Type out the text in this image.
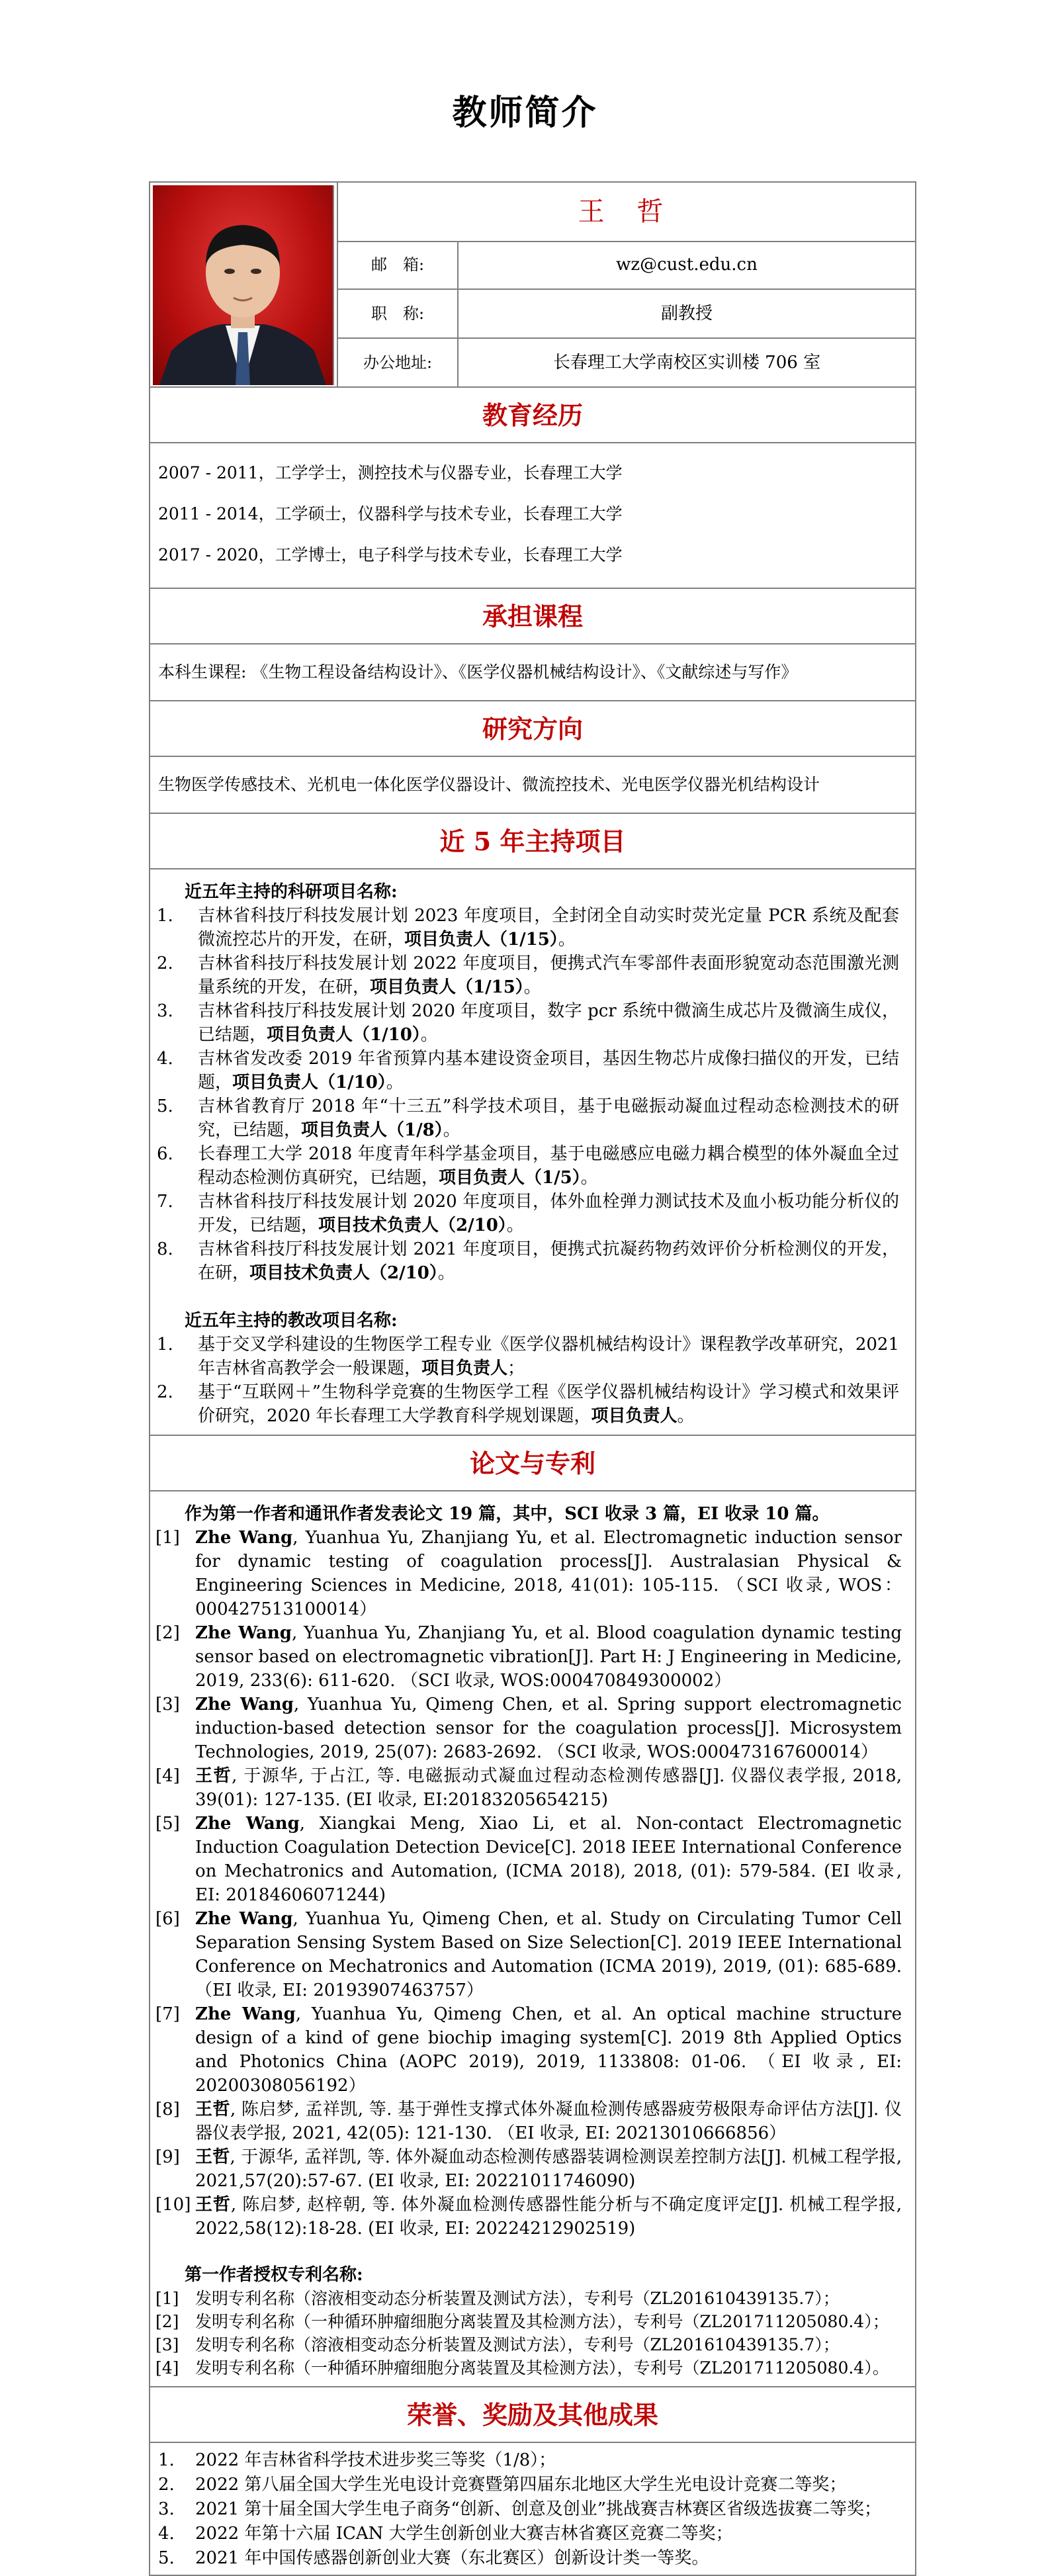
教师简介
王 哲
邮　箱:	wz@cust.edu.cn
职　称:	副教授
办公地址:	长春理工大学南校区实训楼 706 室
教育经历
2007 - 2011，工学学士，测控技术与仪器专业，长春理工大学
2011 - 2014，工学硕士，仪器科学与技术专业，长春理工大学
2017 - 2020，工学博士，电子科学与技术专业，长春理工大学
承担课程
本科生课程: 《生物工程设备结构设计》、《医学仪器机械结构设计》、《文献综述与写作》
研究方向
生物医学传感技术、光机电一体化医学仪器设计、微流控技术、光电医学仪器光机结构设计
近 5 年主持项目
近五年主持的科研项目名称:
1. 吉林省科技厅科技发展计划 2023 年度项目，全封闭全自动实时荧光定量 PCR 系统及配套微流控芯片的开发，在研，项目负责人（1/15）。
2. 吉林省科技厅科技发展计划 2022 年度项目，便携式汽车零部件表面形貌宽动态范围激光测量系统的开发，在研，项目负责人（1/15）。
3. 吉林省科技厅科技发展计划 2020 年度项目，数字 pcr 系统中微滴生成芯片及微滴生成仪，已结题，项目负责人（1/10）。
4. 吉林省发改委 2019 年省预算内基本建设资金项目，基因生物芯片成像扫描仪的开发，已结题，项目负责人（1/10）。
5. 吉林省教育厅 2018 年“十三五”科学技术项目，基于电磁振动凝血过程动态检测技术的研究，已结题，项目负责人（1/8）。
6. 长春理工大学 2018 年度青年科学基金项目，基于电磁感应电磁力耦合模型的体外凝血全过程动态检测仿真研究，已结题，项目负责人（1/5）。
7. 吉林省科技厅科技发展计划 2020 年度项目，体外血栓弹力测试技术及血小板功能分析仪的开发，已结题，项目技术负责人（2/10）。
8. 吉林省科技厅科技发展计划 2021 年度项目，便携式抗凝药物药效评价分析检测仪的开发，在研，项目技术负责人（2/10）。
近五年主持的教改项目名称:
1. 基于交叉学科建设的生物医学工程专业《医学仪器机械结构设计》课程教学改革研究，2021 年吉林省高教学会一般课题，项目负责人；
2. 基于“互联网＋”生物科学竞赛的生物医学工程《医学仪器机械结构设计》学习模式和效果评价研究，2020 年长春理工大学教育科学规划课题，项目负责人。
论文与专利
作为第一作者和通讯作者发表论文 19 篇，其中，SCI 收录 3 篇，EI 收录 10 篇。
[1] Zhe Wang, Yuanhua Yu, Zhanjiang Yu, et al. Electromagnetic induction sensor for dynamic testing of coagulation process[J]. Australasian Physical & Engineering Sciences in Medicine, 2018, 41(01): 105-115. （SCI 收录, WOS：000427513100014）
[2] Zhe Wang, Yuanhua Yu, Zhanjiang Yu, et al. Blood coagulation dynamic testing sensor based on electromagnetic vibration[J]. Part H: J Engineering in Medicine, 2019, 233(6): 611-620. （SCI 收录, WOS:000470849300002）
[3] Zhe Wang, Yuanhua Yu, Qimeng Chen, et al. Spring support electromagnetic induction-based detection sensor for the coagulation process[J]. Microsystem Technologies, 2019, 25(07): 2683-2692. （SCI 收录, WOS:000473167600014）
[4] 王哲, 于源华, 于占江, 等. 电磁振动式凝血过程动态检测传感器[J]. 仪器仪表学报, 2018, 39(01): 127-135. (EI 收录, EI:20183205654215)
[5] Zhe Wang, Xiangkai Meng, Xiao Li, et al. Non-contact Electromagnetic Induction Coagulation Detection Device[C]. 2018 IEEE International Conference on Mechatronics and Automation, (ICMA 2018), 2018, (01): 579-584. (EI 收录, EI: 20184606071244)
[6] Zhe Wang, Yuanhua Yu, Qimeng Chen, et al. Study on Circulating Tumor Cell Separation Sensing System Based on Size Selection[C]. 2019 IEEE International Conference on Mechatronics and Automation (ICMA 2019), 2019, (01): 685-689. （EI 收录, EI: 20193907463757）
[7] Zhe Wang, Yuanhua Yu, Qimeng Chen, et al. An optical machine structure design of a kind of gene biochip imaging system[C]. 2019 8th Applied Optics and Photonics China (AOPC 2019), 2019, 1133808: 01-06. （EI 收录, EI: 20200308056192）
[8] 王哲, 陈启梦, 孟祥凯, 等. 基于弹性支撑式体外凝血检测传感器疲劳极限寿命评估方法[J]. 仪器仪表学报, 2021, 42(05): 121-130. （EI 收录, EI: 20213010666856）
[9] 王哲, 于源华, 孟祥凯, 等. 体外凝血动态检测传感器装调检测误差控制方法[J]. 机械工程学报, 2021,57(20):57-67. (EI 收录, EI: 20221011746090)
[10] 王哲, 陈启梦, 赵梓朝, 等. 体外凝血检测传感器性能分析与不确定度评定[J]. 机械工程学报, 2022,58(12):18-28. (EI 收录, EI: 20224212902519)
第一作者授权专利名称:
[1] 发明专利名称（溶液相变动态分析装置及测试方法），专利号（ZL201610439135.7）；
[2] 发明专利名称（一种循环肿瘤细胞分离装置及其检测方法），专利号（ZL201711205080.4）；
[3] 发明专利名称（溶液相变动态分析装置及测试方法），专利号（ZL201610439135.7）；
[4] 发明专利名称（一种循环肿瘤细胞分离装置及其检测方法），专利号（ZL201711205080.4）。
荣誉、奖励及其他成果
1. 2022 年吉林省科学技术进步奖三等奖（1/8）；
2. 2022 第八届全国大学生光电设计竞赛暨第四届东北地区大学生光电设计竞赛二等奖；
3. 2021 第十届全国大学生电子商务“创新、创意及创业”挑战赛吉林赛区省级选拔赛二等奖；
4. 2022 年第十六届 ICAN 大学生创新创业大赛吉林省赛区竞赛二等奖；
5. 2021 年中国传感器创新创业大赛（东北赛区）创新设计类一等奖。
